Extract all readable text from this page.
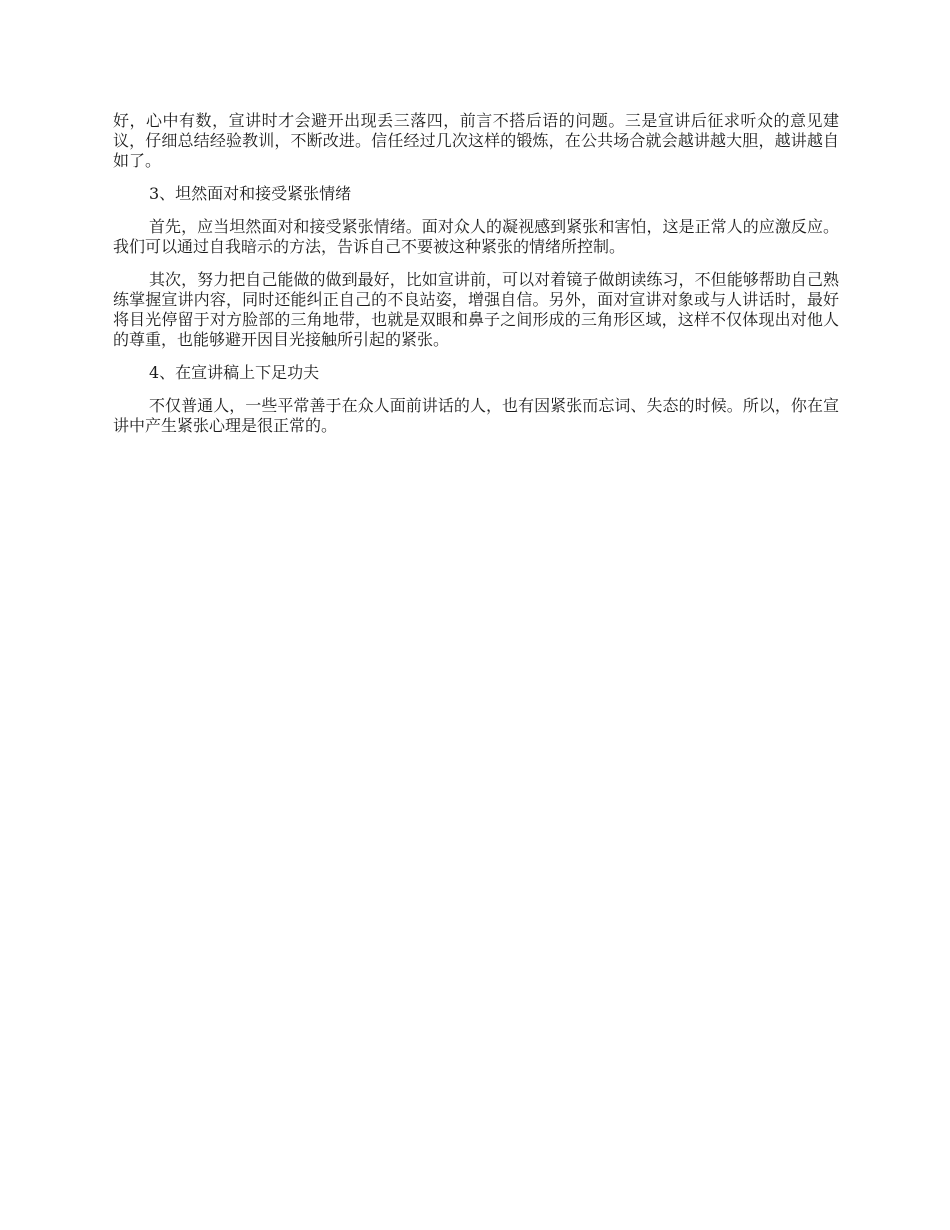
好，心中有数，宣讲时才会避开出现丢三落四，前言不搭后语的问题。三是宣讲后征求听众的意见建议，仔细总结经验教训，不断改进。信任经过几次这样的锻炼，在公共场合就会越讲越大胆，越讲越自如了。

3、坦然面对和接受紧张情绪

首先，应当坦然面对和接受紧张情绪。面对众人的凝视感到紧张和害怕，这是正常人的应激反应。我们可以通过自我暗示的方法，告诉自己不要被这种紧张的情绪所控制。

其次，努力把自己能做的做到最好，比如宣讲前，可以对着镜子做朗读练习，不但能够帮助自己熟练掌握宣讲内容，同时还能纠正自己的不良站姿，增强自信。另外，面对宣讲对象或与人讲话时，最好将目光停留于对方脸部的三角地带，也就是双眼和鼻子之间形成的三角形区域，这样不仅体现出对他人的尊重，也能够避开因目光接触所引起的紧张。

4、在宣讲稿上下足功夫

不仅普通人，一些平常善于在众人面前讲话的人，也有因紧张而忘词、失态的时候。所以，你在宣讲中产生紧张心理是很正常的。
